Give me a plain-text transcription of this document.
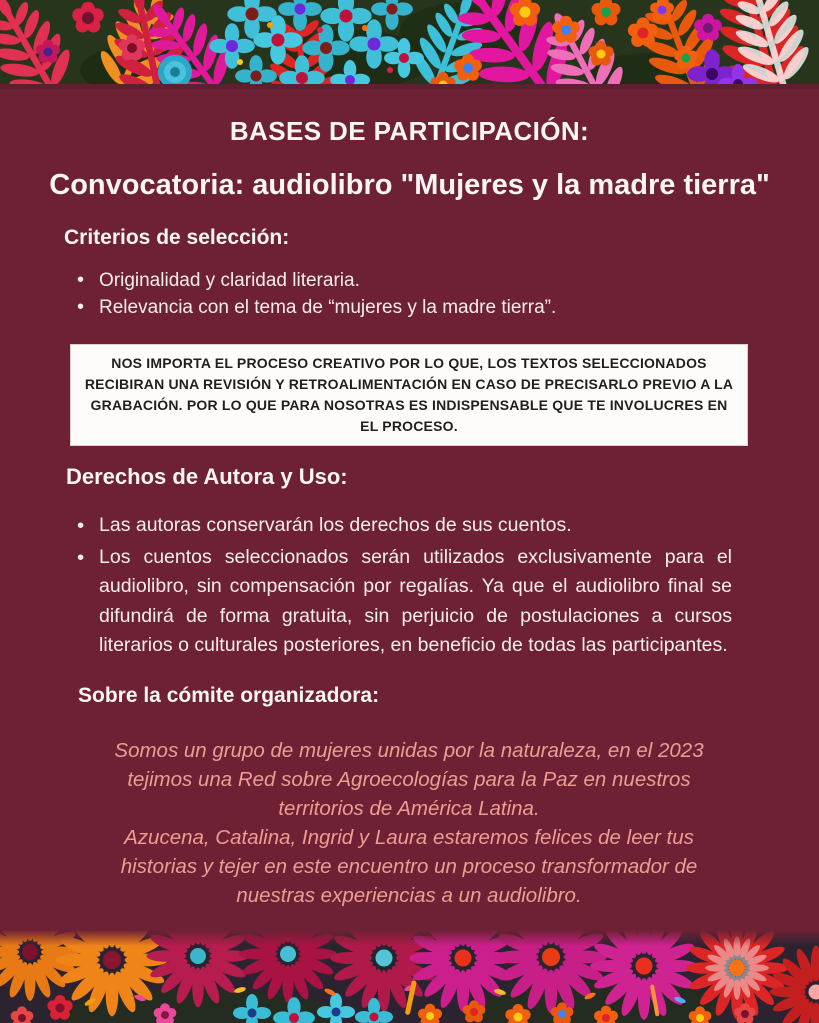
BASES DE PARTICIPACIÓN:
Convocatoria: audiolibro "Mujeres y la madre tierra"
Criterios de selección:
• Originalidad y claridad literaria.
• Relevancia con el tema de “mujeres y la madre tierra”.

NOS IMPORTA EL PROCESO CREATIVO POR LO QUE, LOS TEXTOS SELECCIONADOS RECIBIRAN UNA REVISIÓN Y RETROALIMENTACIÓN EN CASO DE PRECISARLO PREVIO A LA GRABACIÓN. POR LO QUE PARA NOSOTRAS ES INDISPENSABLE QUE TE INVOLUCRES EN EL PROCESO.

Derechos de Autora y Uso:
• Las autoras conservarán los derechos de sus cuentos.
• Los cuentos seleccionados serán utilizados exclusivamente para el audiolibro, sin compensación por regalías. Ya que el audiolibro final se difundirá de forma gratuita, sin perjuicio de postulaciones a cursos literarios o culturales posteriores, en beneficio de todas las participantes.
Sobre la cómite organizadora:

Somos un grupo de mujeres unidas por la naturaleza, en el 2023 tejimos una Red sobre Agroecologías para la Paz en nuestros territorios de América Latina.

Azucena, Catalina, Ingrid y Laura estaremos felices de leer tus historias y tejer en este encuentro un proceso transformador de nuestras experiencias a un audiolibro.
